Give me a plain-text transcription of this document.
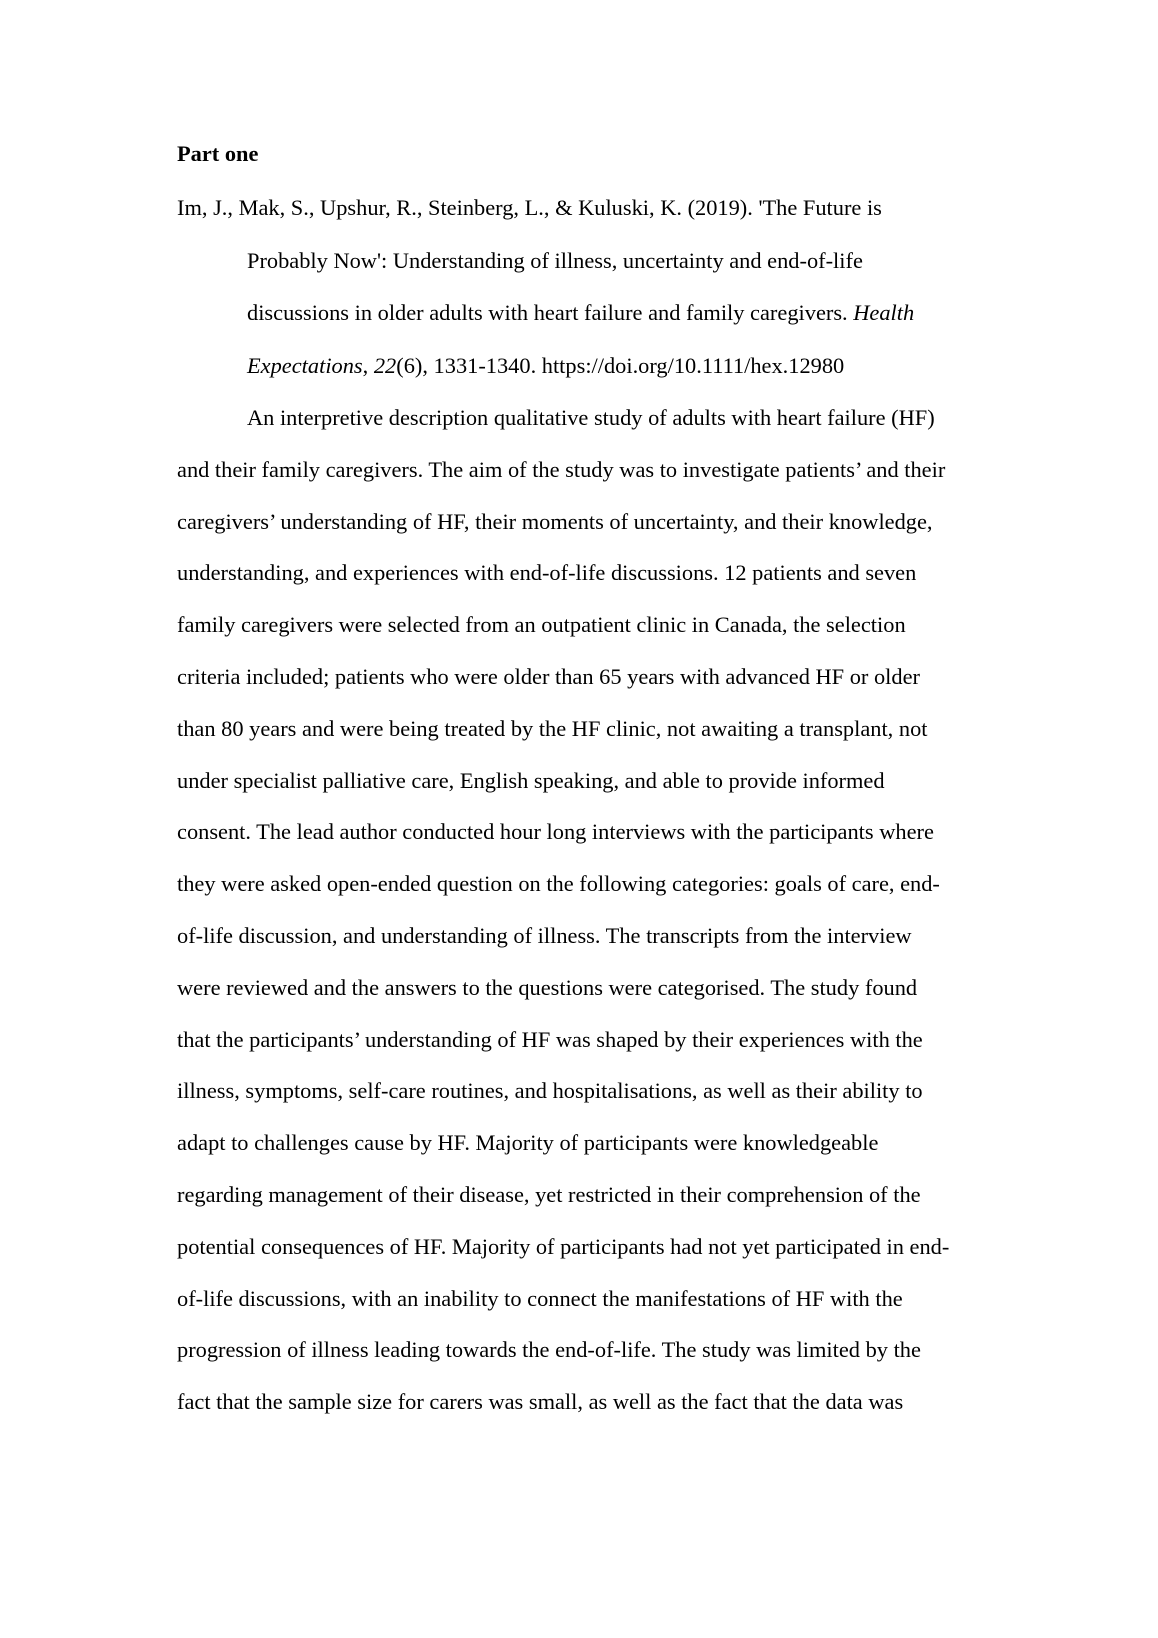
Part one
Im, J., Mak, S., Upshur, R., Steinberg, L., & Kuluski, K. (2019). 'The Future is
Probably Now': Understanding of illness, uncertainty and end-of-life
discussions in older adults with heart failure and family caregivers. Health
Expectations, 22(6), 1331-1340. https://doi.org/10.1111/hex.12980
An interpretive description qualitative study of adults with heart failure (HF)
and their family caregivers. The aim of the study was to investigate patients’ and their
caregivers’ understanding of HF, their moments of uncertainty, and their knowledge,
understanding, and experiences with end-of-life discussions. 12 patients and seven
family caregivers were selected from an outpatient clinic in Canada, the selection
criteria included; patients who were older than 65 years with advanced HF or older
than 80 years and were being treated by the HF clinic, not awaiting a transplant, not
under specialist palliative care, English speaking, and able to provide informed
consent. The lead author conducted hour long interviews with the participants where
they were asked open-ended question on the following categories: goals of care, end-
of-life discussion, and understanding of illness. The transcripts from the interview
were reviewed and the answers to the questions were categorised. The study found
that the participants’ understanding of HF was shaped by their experiences with the
illness, symptoms, self-care routines, and hospitalisations, as well as their ability to
adapt to challenges cause by HF. Majority of participants were knowledgeable
regarding management of their disease, yet restricted in their comprehension of the
potential consequences of HF. Majority of participants had not yet participated in end-
of-life discussions, with an inability to connect the manifestations of HF with the
progression of illness leading towards the end-of-life. The study was limited by the
fact that the sample size for carers was small, as well as the fact that the data was
